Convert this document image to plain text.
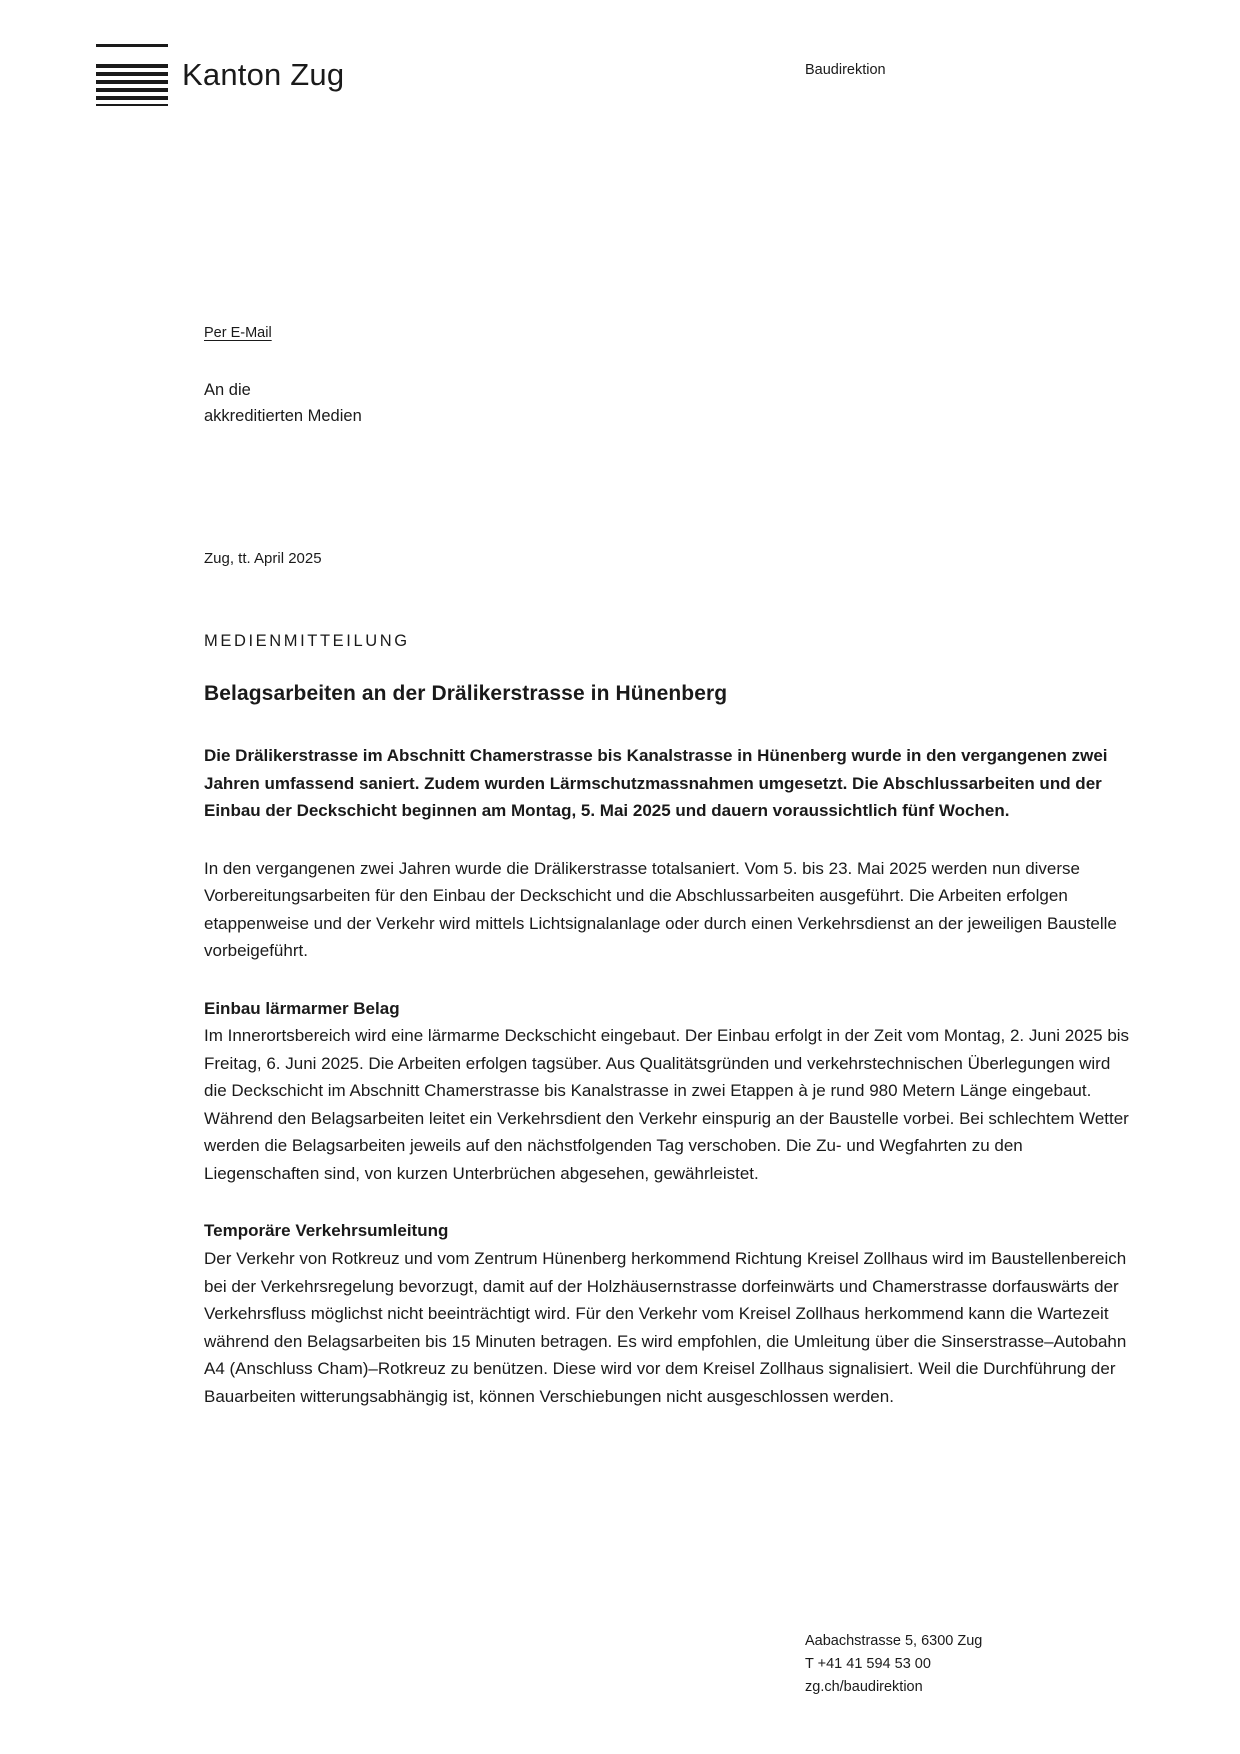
Kanton Zug	Baudirektion
Per E-Mail
An die
akkreditierten Medien
Zug, tt. April 2025
MEDIENMITTEILUNG
Belagsarbeiten an der Drälikerstrasse in Hünenberg

Die Drälikerstrasse im Abschnitt Chamerstrasse bis Kanalstrasse in Hünenberg wurde in den vergangenen zwei Jahren umfassend saniert. Zudem wurden Lärmschutzmassnahmen umgesetzt. Die Abschlussarbeiten und der Einbau der Deckschicht beginnen am Montag, 5. Mai 2025 und dauern voraussichtlich fünf Wochen.

In den vergangenen zwei Jahren wurde die Drälikerstrasse totalsaniert. Vom 5. bis 23. Mai 2025 werden nun diverse Vorbereitungsarbeiten für den Einbau der Deckschicht und die Abschlussarbeiten ausgeführt. Die Arbeiten erfolgen etappenweise und der Verkehr wird mittels Lichtsignalanlage oder durch einen Verkehrsdienst an der jeweiligen Baustelle vorbeigeführt.

Einbau lärmarmer Belag

Im Innerortsbereich wird eine lärmarme Deckschicht eingebaut. Der Einbau erfolgt in der Zeit vom Montag, 2. Juni 2025 bis Freitag, 6. Juni 2025. Die Arbeiten erfolgen tagsüber. Aus Qualitätsgründen und verkehrstechnischen Überlegungen wird die Deckschicht im Abschnitt Chamerstrasse bis Kanalstrasse in zwei Etappen à je rund 980 Metern Länge eingebaut. Während den Belagsarbeiten leitet ein Verkehrsdient den Verkehr einspurig an der Baustelle vorbei. Bei schlechtem Wetter werden die Belagsarbeiten jeweils auf den nächstfolgenden Tag verschoben. Die Zu- und Wegfahrten zu den Liegenschaften sind, von kurzen Unterbrüchen abgesehen, gewährleistet.

Temporäre Verkehrsumleitung

Der Verkehr von Rotkreuz und vom Zentrum Hünenberg herkommend Richtung Kreisel Zollhaus wird im Baustellenbereich bei der Verkehrsregelung bevorzugt, damit auf der Holzhäusernstrasse dorfeinwärts und Chamerstrasse dorfauswärts der Verkehrsfluss möglichst nicht beeinträchtigt wird. Für den Verkehr vom Kreisel Zollhaus herkommend kann die Wartezeit während den Belagsarbeiten bis 15 Minuten betragen. Es wird empfohlen, die Umleitung über die Sinserstrasse–Autobahn A4 (Anschluss Cham)–Rotkreuz zu benützen. Diese wird vor dem Kreisel Zollhaus signalisiert. Weil die Durchführung der Bauarbeiten witterungsabhängig ist, können Verschiebungen nicht ausgeschlossen werden.

Aabachstrasse 5, 6300 Zug
T +41 41 594 53 00
zg.ch/baudirektion
